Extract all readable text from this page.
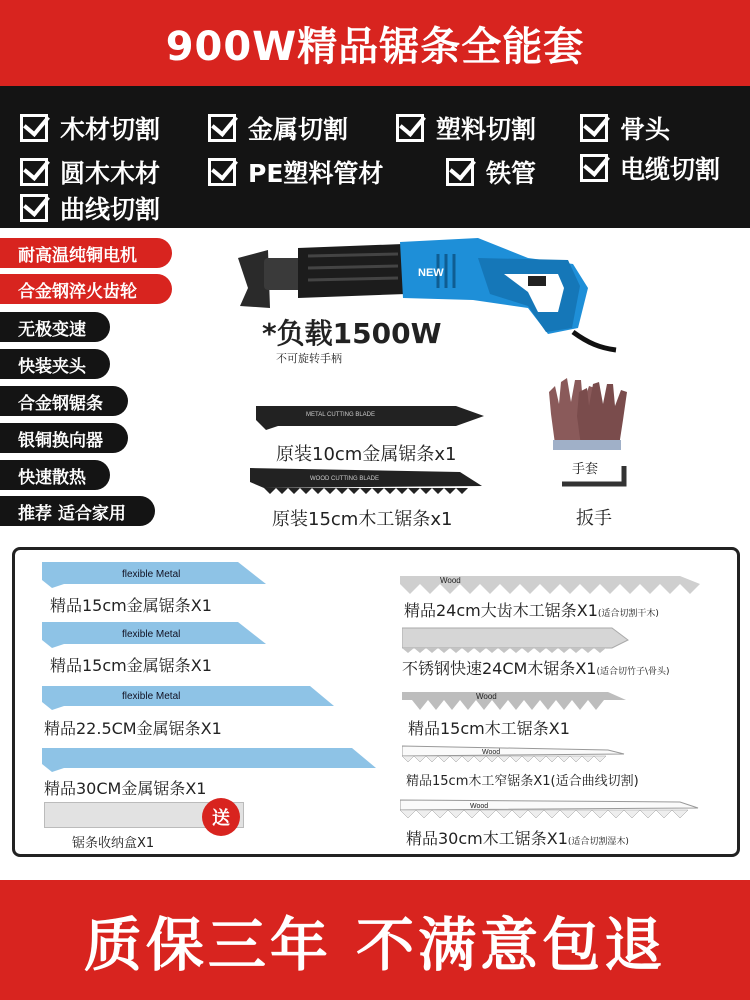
900W精品锯条全能套
木材切割	金属切割	塑料切割	骨头
圆木木材	PE塑料管材	铁管	电缆切割
曲线切割
耐高温纯铜电机
合金钢淬火齿轮
无极变速
快装夹头
合金钢锯条
银铜换向器
快速散热
推荐 适合家用
NEW
*负载1500W
不可旋转手柄
METAL CUTTING BLADE
原装10cm金属锯条x1
WOOD CUTTING BLADE
原装15cm木工锯条x1
手套
扳手
flexible Metal
精品15cm金属锯条X1
flexible Metal
精品15cm金属锯条X1
flexible Metal
精品22.5CM金属锯条X1
精品30CM金属锯条X1
送
锯条收纳盒X1
Wood
精品24cm大齿木工锯条X1(适合切割干木)
不锈钢快速24CM木锯条X1(适合切竹子\骨头)
Wood
精品15cm木工锯条X1
Wood
精品15cm木工窄锯条X1(适合曲线切割)
Wood
精品30cm木工锯条X1(适合切割湿木)
质保三年 不满意包退
